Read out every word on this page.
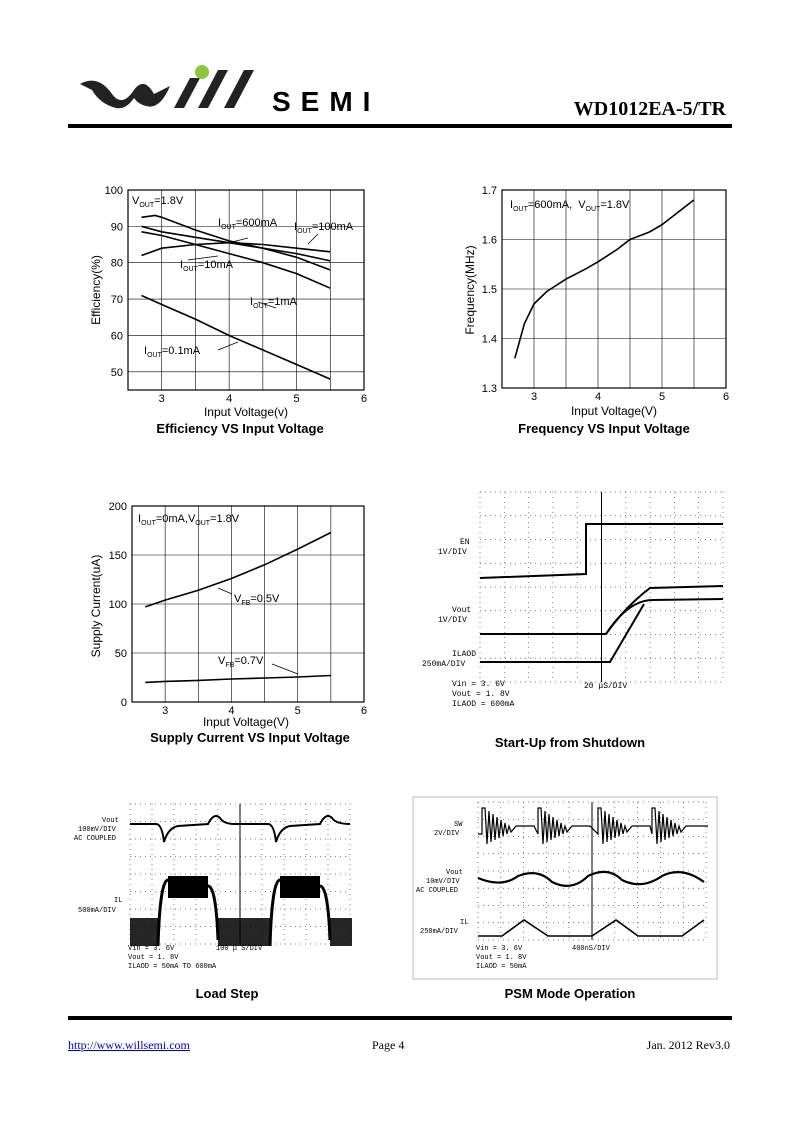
SEMI	WD1012EA-5/TR
3	4	5	6
100
90
80
70
60
50
$V_{OUT}=1.8V$
$I_{OUT}=600mA$ $I_{OUT}=100mA$
$I_{OUT}=10mA$
$I_{OUT}=1mA$
$I_{OUT}=0.1mA$
Input Voltage(v)
Efficiency(%)
Efficiency VS Input Voltage
3	4	5	6
1.7
1.6
1.5
1.4
1.3
$I_{OUT}=600mA$, $V_{OUT}=1.8V$
Input Voltage(V)
Frequency(MHz)
Frequency VS Input Voltage
3	4	5	6
200
150
100
50
0
$I_{OUT}=0mA,V_{OUT}=1.8V$
$V_{FB}=0.5V$
$V_{FB}=0.7V$
Input Voltage(V)
Supply Current(uA)
Supply Current VS Input Voltage
EN
1V/DIV
Vout
1V/DIV
ILAOD
250mA/DIV
20 μS/DIV
Vin = 3. 6V
Vout = 1. 8V
ILAOD = 600mA
Start-Up from Shutdown
Vout
100mV/DIV
AC COUPLED
IL
500mA/DIV
100 μ S/DIV
Vin = 3. 6V
Vout = 1. 8V
ILAOD = 50mA TO 600mA
Load Step
SW
2V/DIV
Vout
10mV/DIV
AC COUPLED
IL
250mA/DIV
400nS/DIV
Vin = 3. 6V
Vout = 1. 8V
ILAOD = 50mA
PSM Mode Operation
http://www.willsemi.com	Page 4	Jan. 2012 Rev3.0
